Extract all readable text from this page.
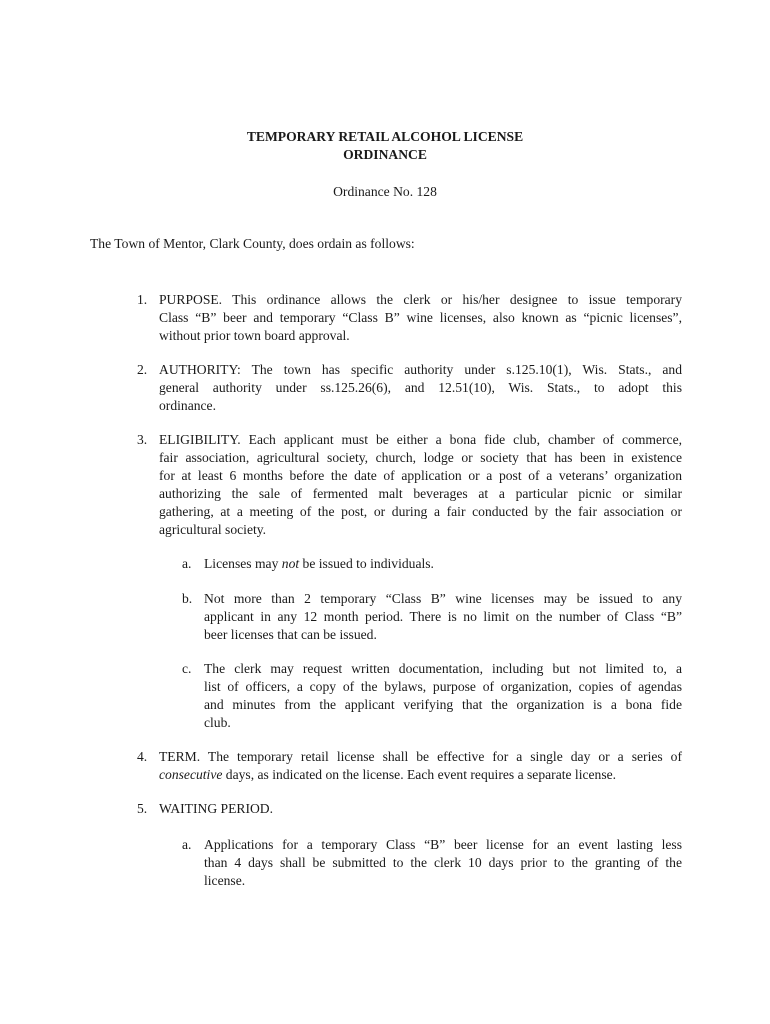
TEMPORARY RETAIL ALCOHOL LICENSE
ORDINANCE
Ordinance No. 128
The Town of Mentor, Clark County, does ordain as follows:
1. PURPOSE. This ordinance allows the clerk or his/her designee to issue temporary
Class “B” beer and temporary “Class B” wine licenses, also known as “picnic licenses”,
without prior town board approval.
2. AUTHORITY: The town has specific authority under s.125.10(1), Wis. Stats., and
general authority under ss.125.26(6), and 12.51(10), Wis. Stats., to adopt this
ordinance.
3. ELIGIBILITY. Each applicant must be either a bona fide club, chamber of commerce,
fair association, agricultural society, church, lodge or society that has been in existence
for at least 6 months before the date of application or a post of a veterans’ organization
authorizing the sale of fermented malt beverages at a particular picnic or similar
gathering, at a meeting of the post, or during a fair conducted by the fair association or
agricultural society.
a. Licenses may not be issued to individuals.
b. Not more than 2 temporary “Class B” wine licenses may be issued to any
applicant in any 12 month period. There is no limit on the number of Class “B”
beer licenses that can be issued.
c. The clerk may request written documentation, including but not limited to, a
list of officers, a copy of the bylaws, purpose of organization, copies of agendas
and minutes from the applicant verifying that the organization is a bona fide
club.
4. TERM. The temporary retail license shall be effective for a single day or a series of
consecutive days, as indicated on the license. Each event requires a separate license.
5. WAITING PERIOD.
a. Applications for a temporary Class “B” beer license for an event lasting less
than 4 days shall be submitted to the clerk 10 days prior to the granting of the
license.
